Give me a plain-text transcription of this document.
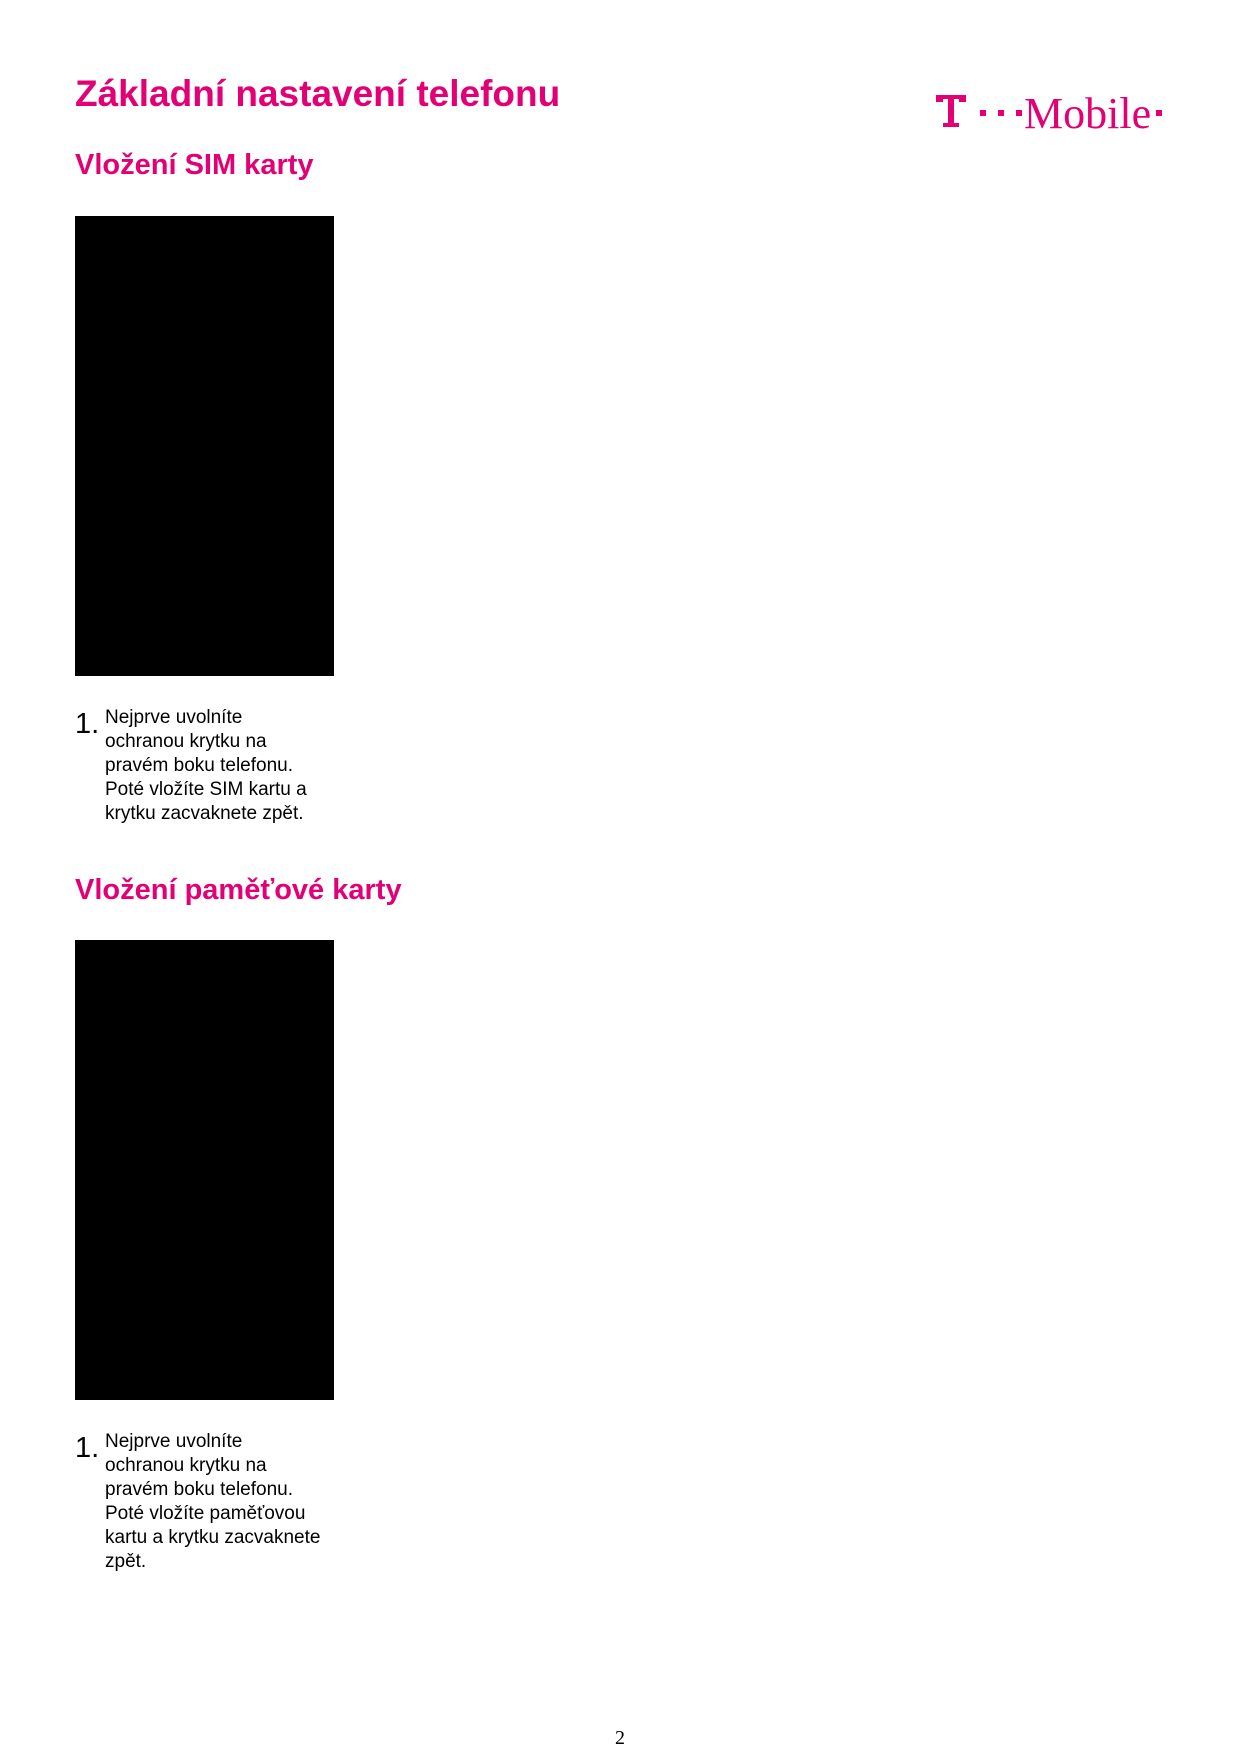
Základní nastavení telefonu	Mobile
Vložení SIM karty
1. Nejprve uvolníte
ochranou krytku na
pravém boku telefonu.
Poté vložíte SIM kartu a
krytku zacvaknete zpět.

Vložení paměťové karty
1. Nejprve uvolníte
ochranou krytku na
pravém boku telefonu.
Poté vložíte paměťovou
kartu a krytku zacvaknete
zpět.

2
